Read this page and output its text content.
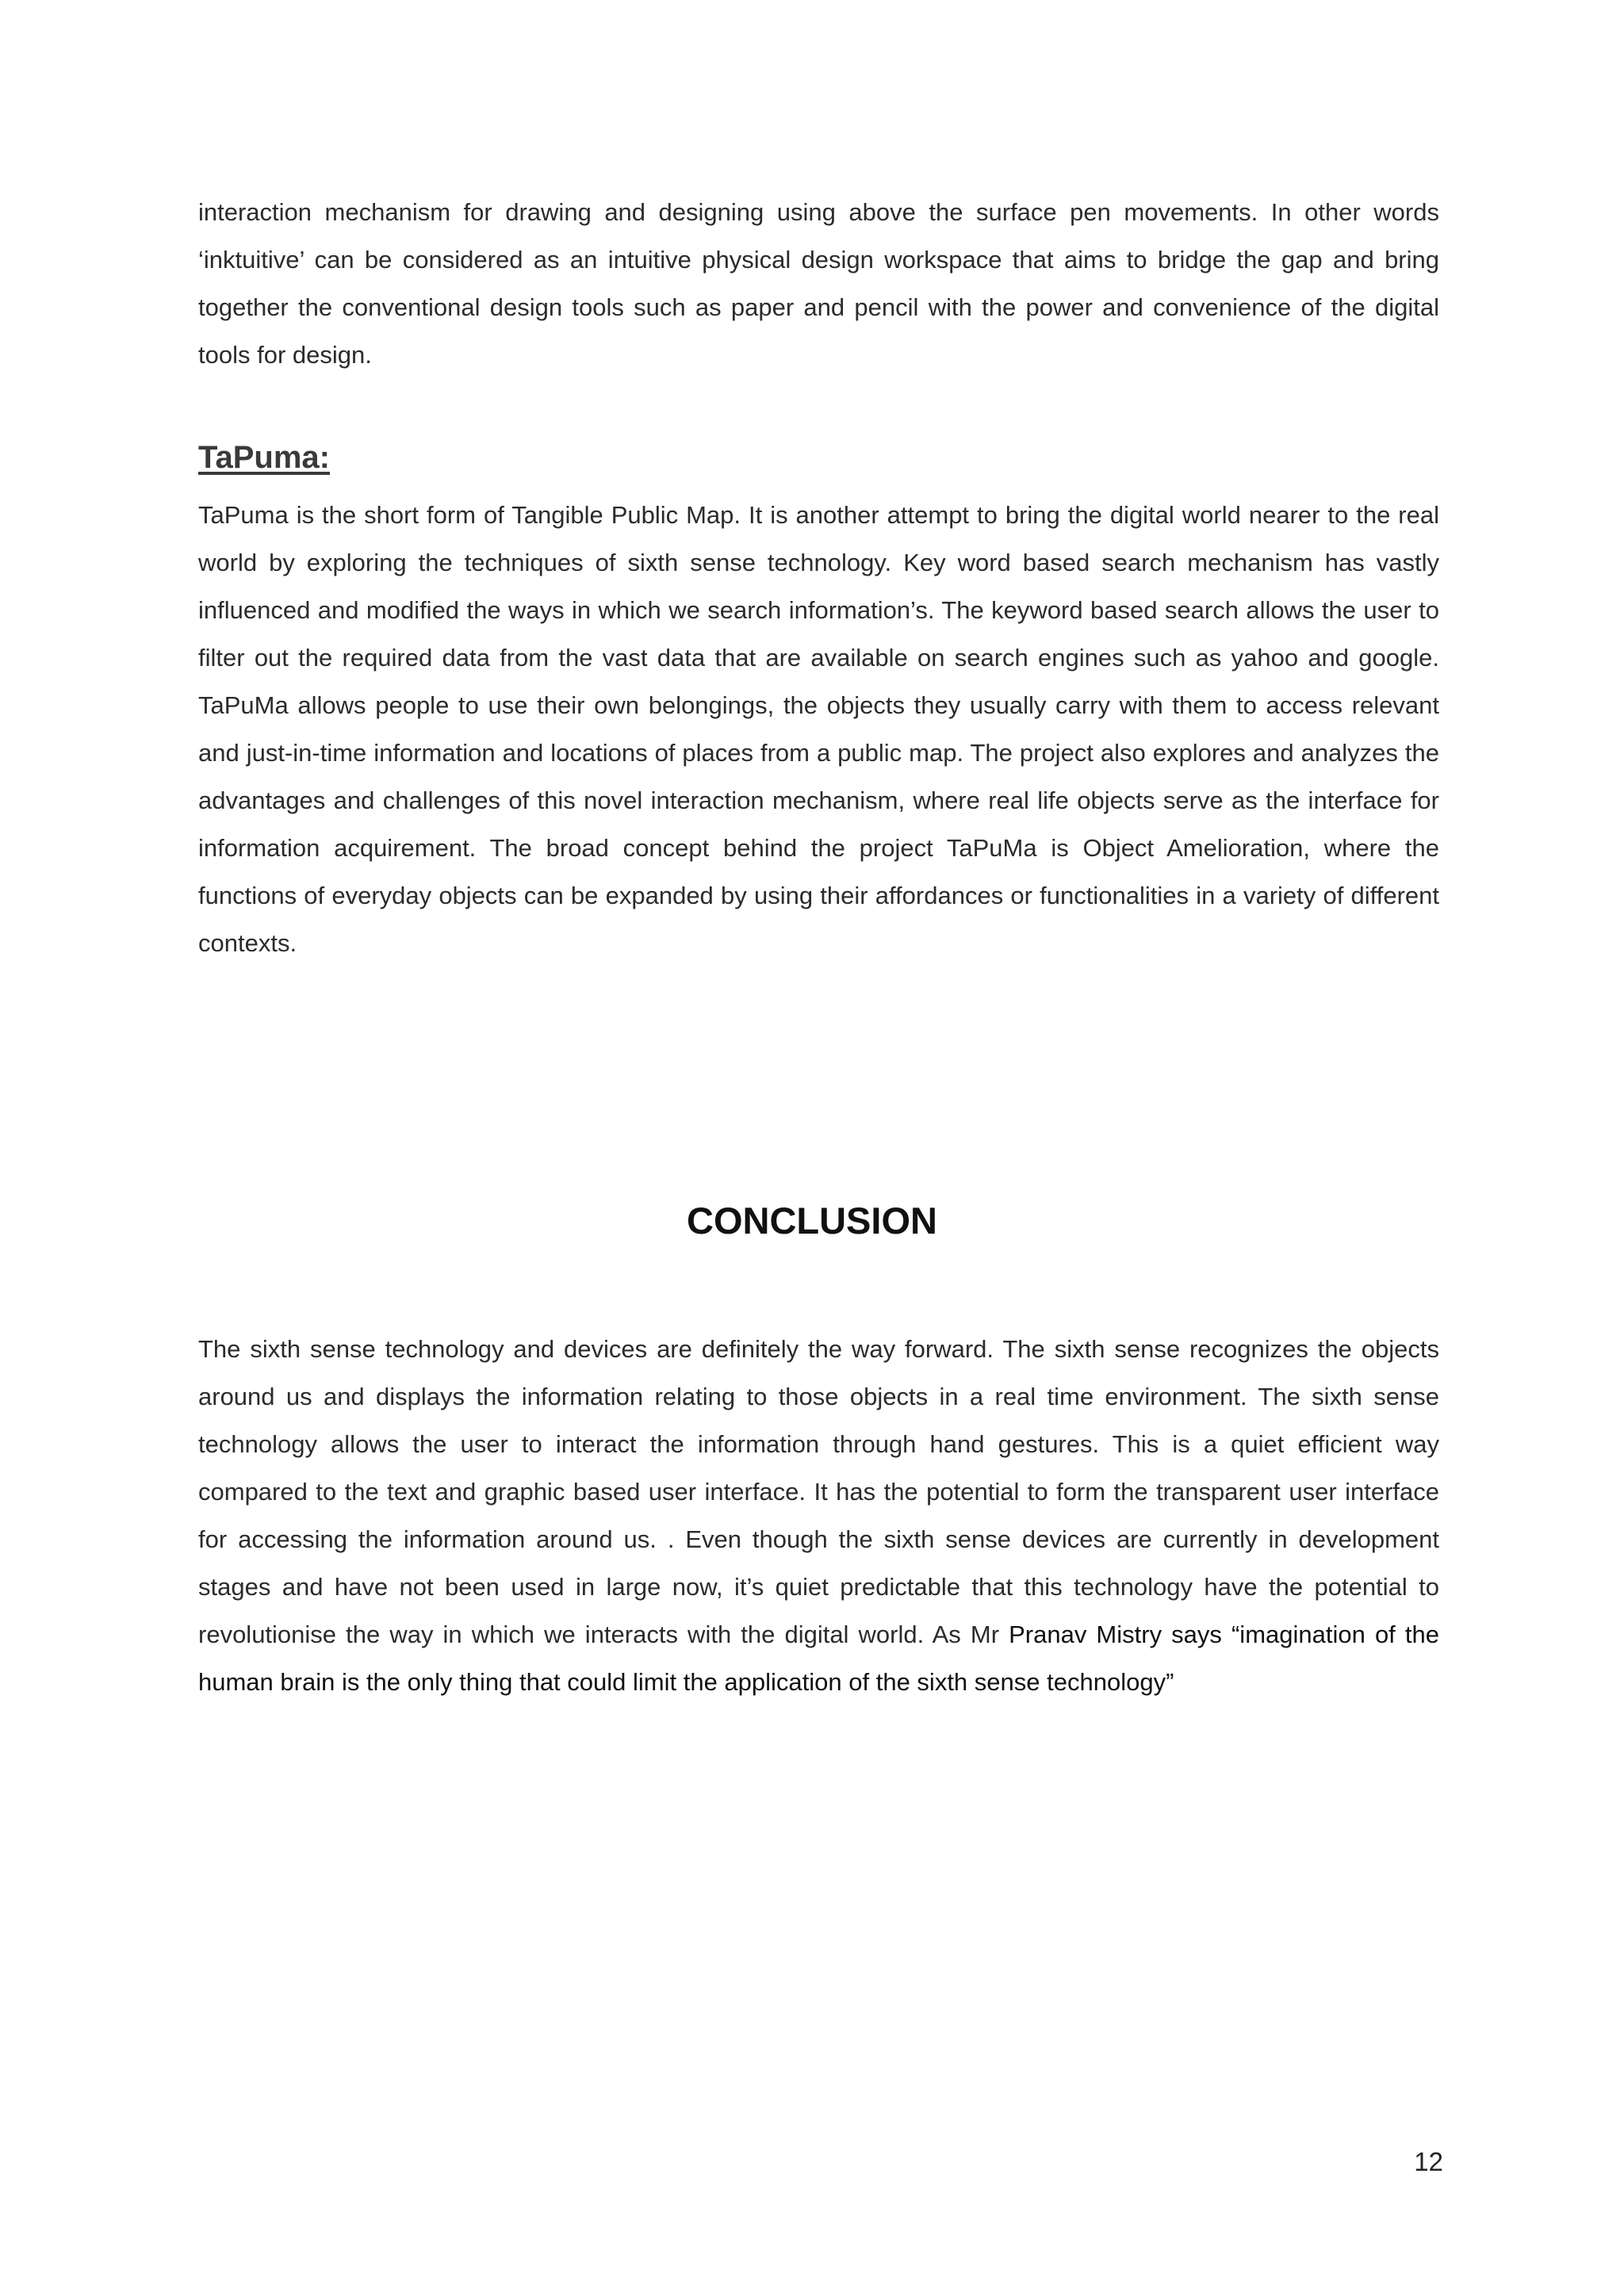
interaction mechanism for drawing and designing using above the surface pen movements. In other words ‘inktuitive’ can be considered as an intuitive physical design workspace that aims to bridge the gap and bring together the conventional design tools such as paper and pencil with the power and convenience of the digital tools for design.

TaPuma:

TaPuma is the short form of Tangible Public Map. It is another attempt to bring the digital world nearer to the real world by exploring the techniques of sixth sense technology. Key word based search mechanism has vastly influenced and modified the ways in which we search information’s. The keyword based search allows the user to filter out the required data from the vast data that are available on search engines such as yahoo and google. TaPuMa allows people to use their own belongings, the objects they usually carry with them to access relevant and just-in-time information and locations of places from a public map. The project also explores and analyzes the advantages and challenges of this novel interaction mechanism, where real life objects serve as the interface for information acquirement. The broad concept behind the project TaPuMa is Object Amelioration, where the functions of everyday objects can be expanded by using their affordances or functionalities in a variety of different contexts.

CONCLUSION

The sixth sense technology and devices are definitely the way forward. The sixth sense recognizes the objects around us and displays the information relating to those objects in a real time environment. The sixth sense technology allows the user to interact the information through hand gestures. This is a quiet efficient way compared to the text and graphic based user interface. It has the potential to form the transparent user interface for accessing the information around us. . Even though the sixth sense devices are currently in development stages and have not been used in large now, it’s quiet predictable that this technology have the potential to revolutionise the way in which we interacts with the digital world. As Mr Pranav Mistry says “imagination of the human brain is the only thing that could limit the application of the sixth sense technology”

12
